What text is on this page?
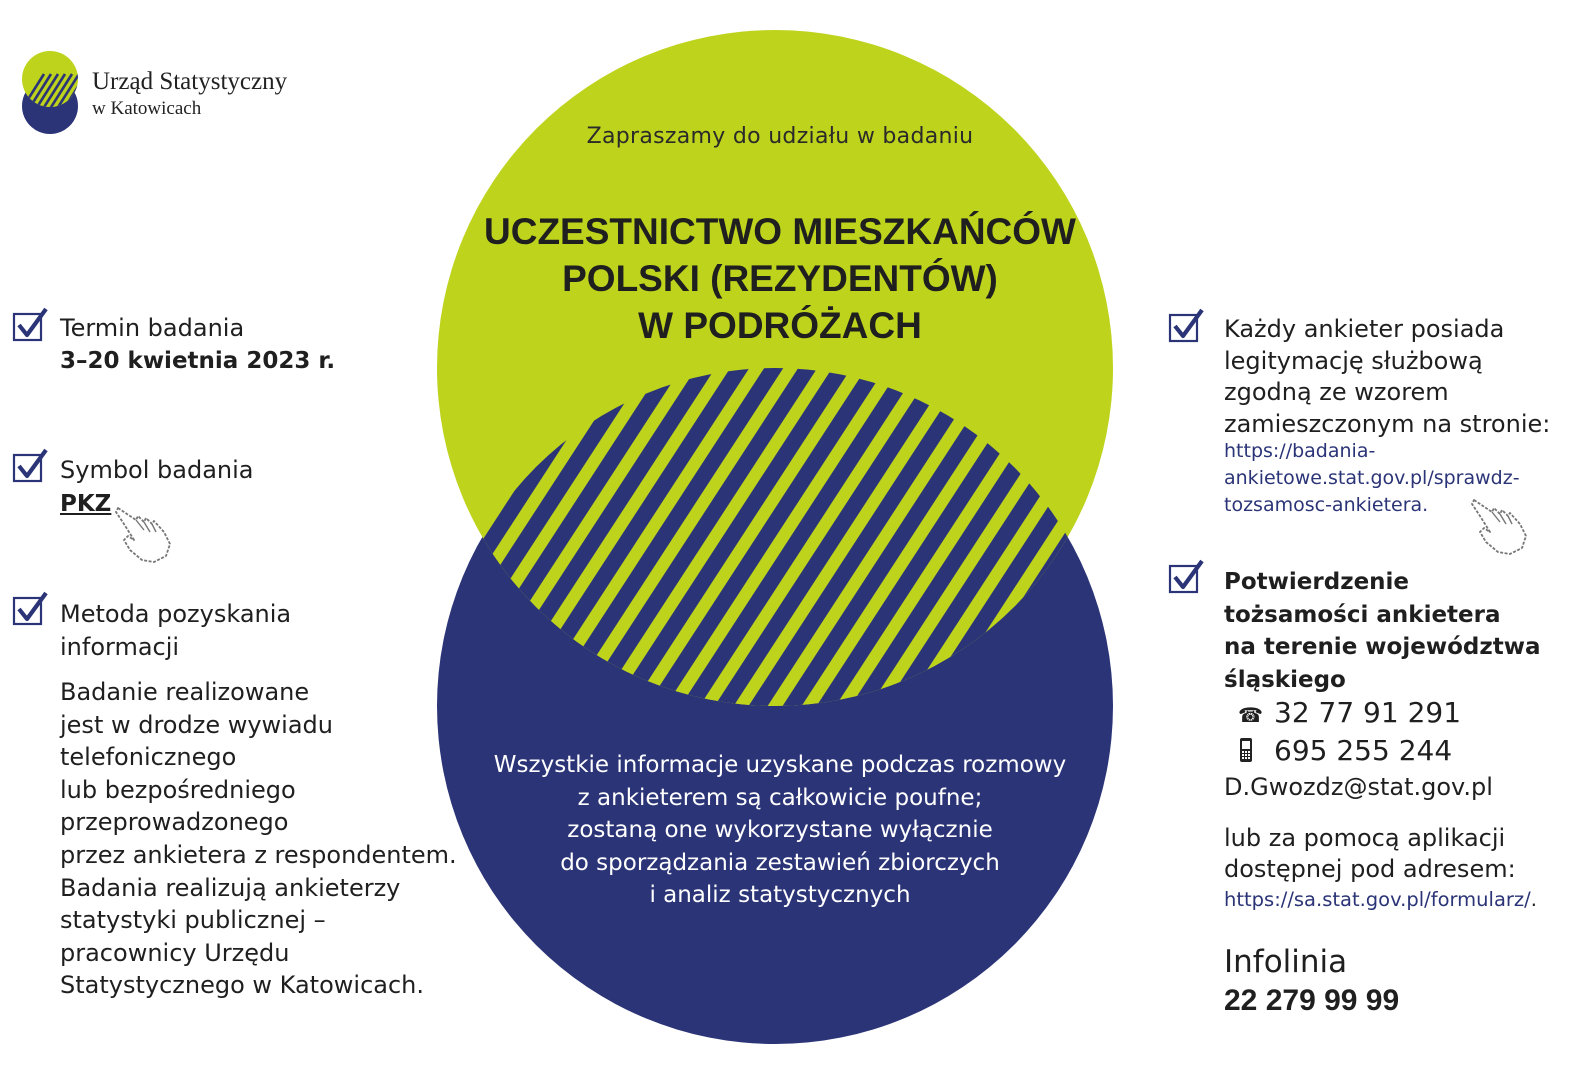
Urząd Statystyczny
w Katowicach
Zapraszamy do udziału w badaniu
UCZESTNICTWO MIESZKAŃCÓW
POLSKI (REZYDENTÓW)
W PODRÓŻACH
Wszystkie informacje uzyskane podczas rozmowy
z ankieterem są całkowicie poufne;
zostaną one wykorzystane wyłącznie
do sporządzania zestawień zbiorczych
i analiz statystycznych
Termin badania
3–20 kwietnia 2023 r.
Symbol badania
PKZ
Metoda pozyskania
informacji
Badanie realizowane
jest w drodze wywiadu
telefonicznego
lub bezpośredniego
przeprowadzonego
przez ankietera z respondentem.
Badania realizują ankieterzy
statystyki publicznej –
pracownicy Urzędu
Statystycznego w Katowicach.
Każdy ankieter posiada
legitymację służbową
zgodną ze wzorem
zamieszczonym na stronie:
https://badania-
ankietowe.stat.gov.pl/sprawdz-
tozsamosc-ankietera.
Potwierdzenie
tożsamości ankietera
na terenie województwa
śląskiego
☎ 32 77 91 291
695 255 244
D.Gwozdz@stat.gov.pl
lub za pomocą aplikacji
dostępnej pod adresem:
https://sa.stat.gov.pl/formularz/.
Infolinia
22 279 99 99
